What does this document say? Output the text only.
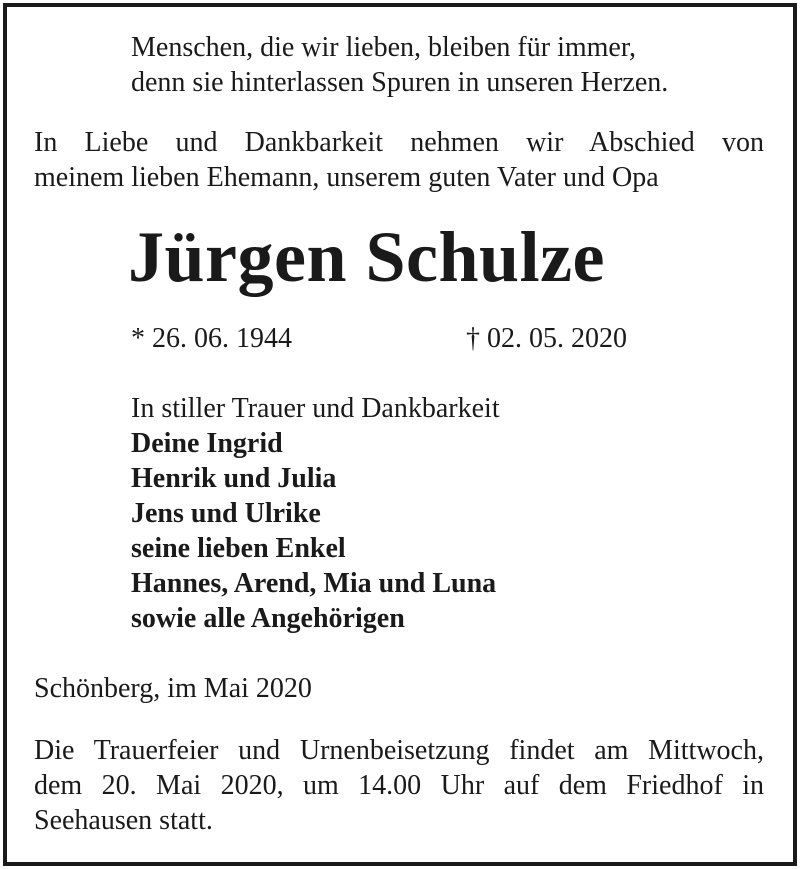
Menschen, die wir lieben, bleiben für immer,
denn sie hinterlassen Spuren in unseren Herzen.
In Liebe und Dankbarkeit nehmen wir Abschied von
meinem lieben Ehemann, unserem guten Vater und Opa
Jürgen Schulze
* 26. 06. 1944	† 02. 05. 2020
In stiller Trauer und Dankbarkeit
Deine Ingrid
Henrik und Julia
Jens und Ulrike
seine lieben Enkel
Hannes, Arend, Mia und Luna
sowie alle Angehörigen
Schönberg, im Mai 2020
Die Trauerfeier und Urnenbeisetzung findet am Mittwoch,
dem 20. Mai 2020, um 14.00 Uhr auf dem Friedhof in
Seehausen statt.
